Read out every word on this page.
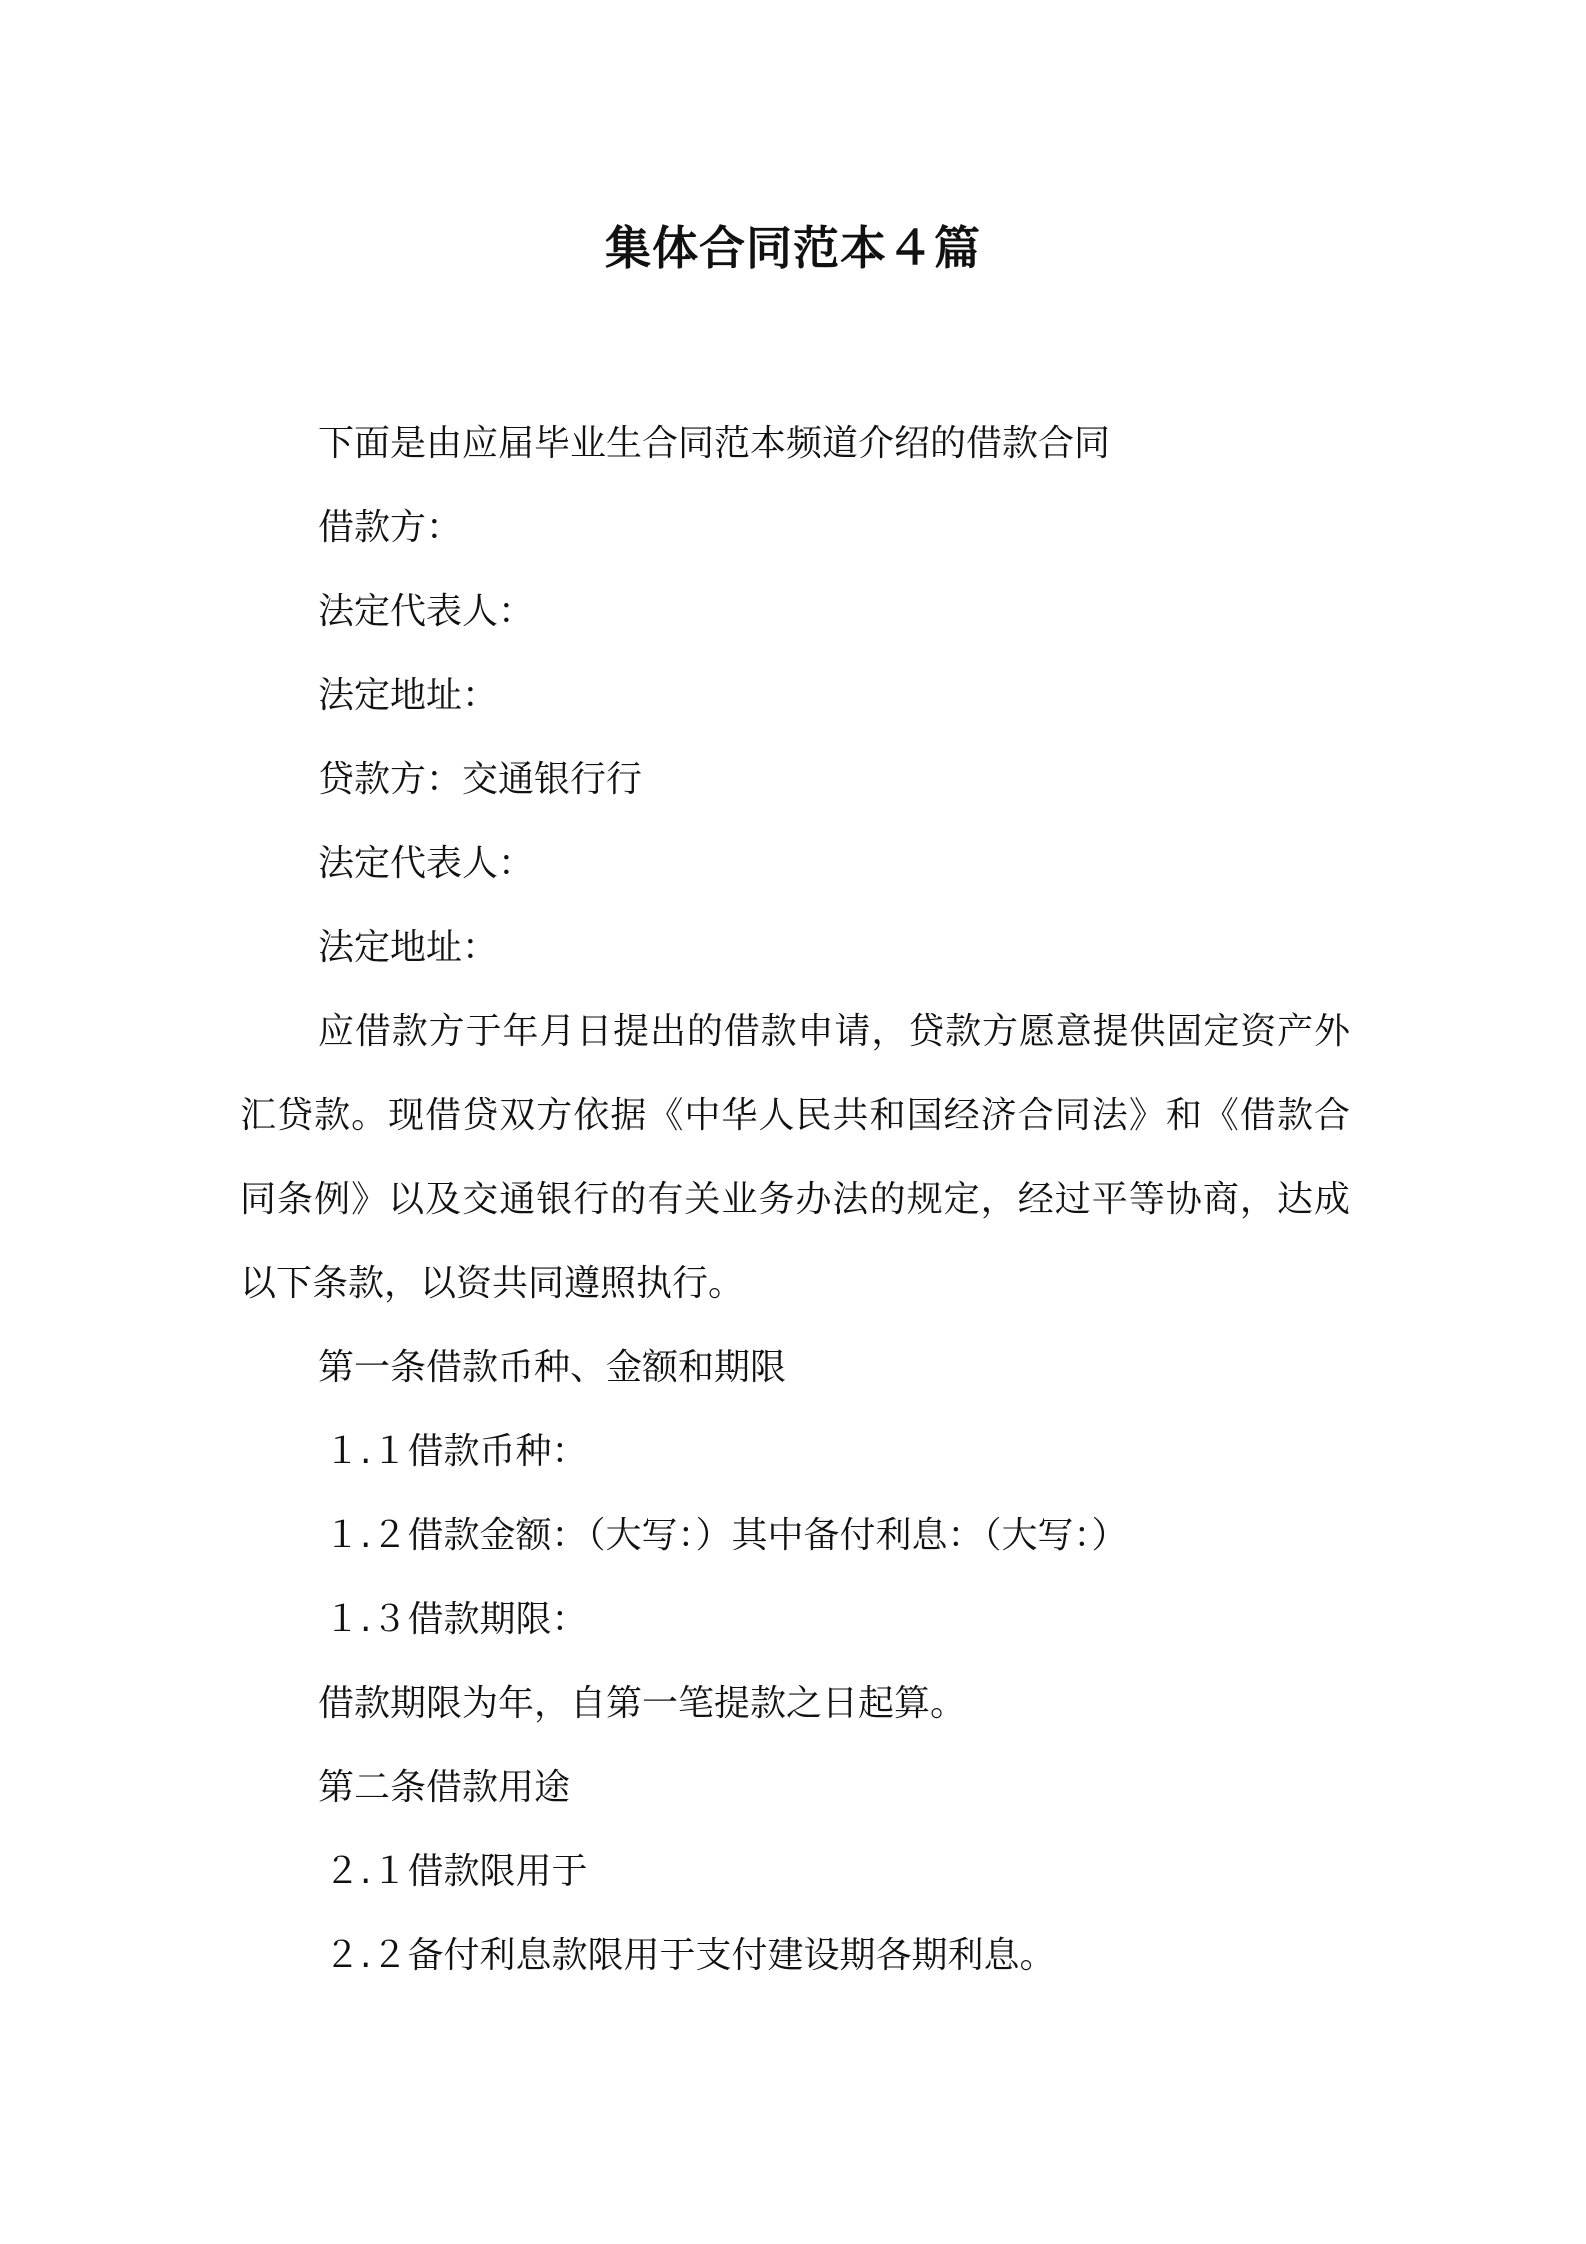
集体合同范本４篇
下面是由应届毕业生合同范本频道介绍的借款合同
借款方：
法定代表人：
法定地址：
贷款方：交通银行行
法定代表人：
法定地址：
应借款方于年月日提出的借款申请，贷款方愿意提供固定资产外汇贷款。现借贷双方依据《中华人民共和国经济合同法》和《借款合同条例》以及交通银行的有关业务办法的规定，经过平等协商，达成以下条款，以资共同遵照执行。
第一条借款币种、金额和期限
１.１借款币种：
１.２借款金额：（大写：）其中备付利息：（大写：）
１.３借款期限：
借款期限为年，自第一笔提款之日起算。
第二条借款用途
２.１借款限用于
２.２备付利息款限用于支付建设期各期利息。
